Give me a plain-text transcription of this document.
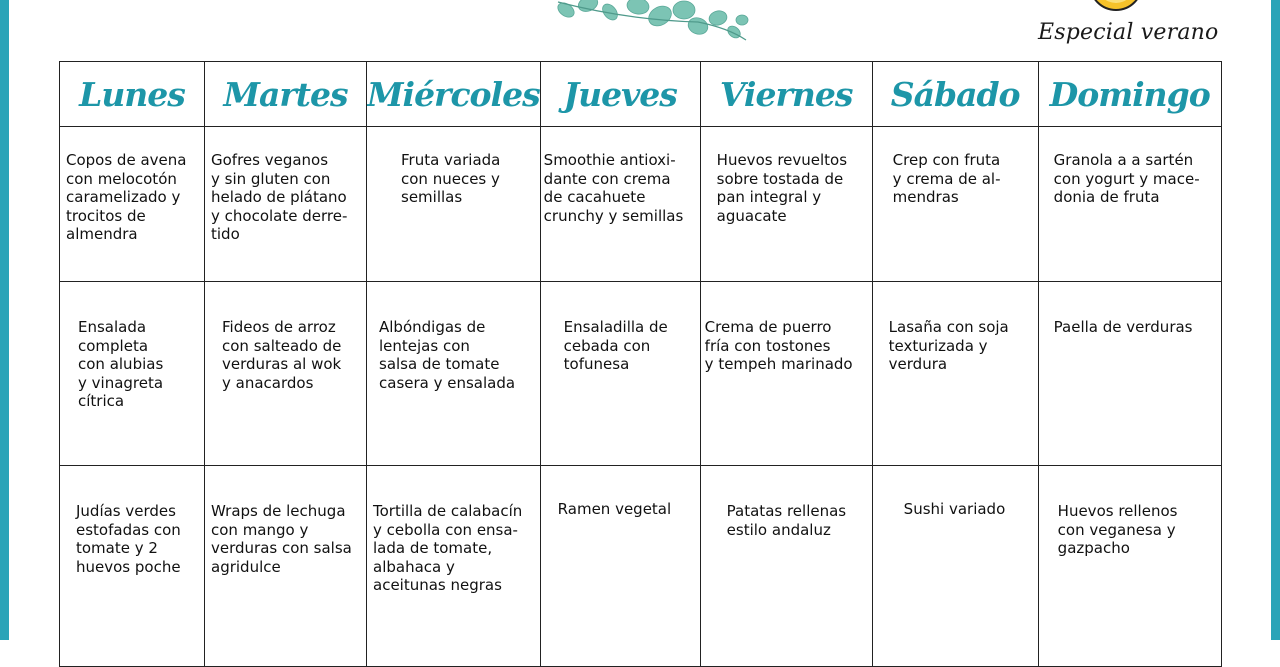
Especial verano
Lunes	Martes	Miércoles	Jueves	Viernes	Sábado	Domingo

Copos de avena
con melocotón
caramelizado y
trocitos de
almendra	Gofres veganos
y sin gluten con
helado de plátano
y chocolate derre-
tido	Fruta variada
con nueces y
semillas	Smoothie antioxi-
dante con crema
de cacahuete
crunchy y semillas	Huevos revueltos
sobre tostada de
pan integral y
aguacate	Crep con fruta
y crema de al-
mendras	Granola a a sartén
con yogurt y mace-
donia de fruta

Ensalada
completa
con alubias
y vinagreta
cítrica	Fideos de arroz
con salteado de
verduras al wok
y anacardos	Albóndigas de
lentejas con
salsa de tomate
casera y ensalada	Ensaladilla de
cebada con
tofunesa	Crema de puerro
fría con tostones
y tempeh marinado	Lasaña con soja
texturizada y
verdura	Paella de verduras

Judías verdes
estofadas con
tomate y 2
huevos poche	Wraps de lechuga
con mango y
verduras con salsa
agridulce	Tortilla de calabacín
y cebolla con ensa-
lada de tomate,
albahaca y
aceitunas negras	Ramen vegetal	Patatas rellenas
estilo andaluz	Sushi variado	Huevos rellenos
con veganesa y
gazpacho
